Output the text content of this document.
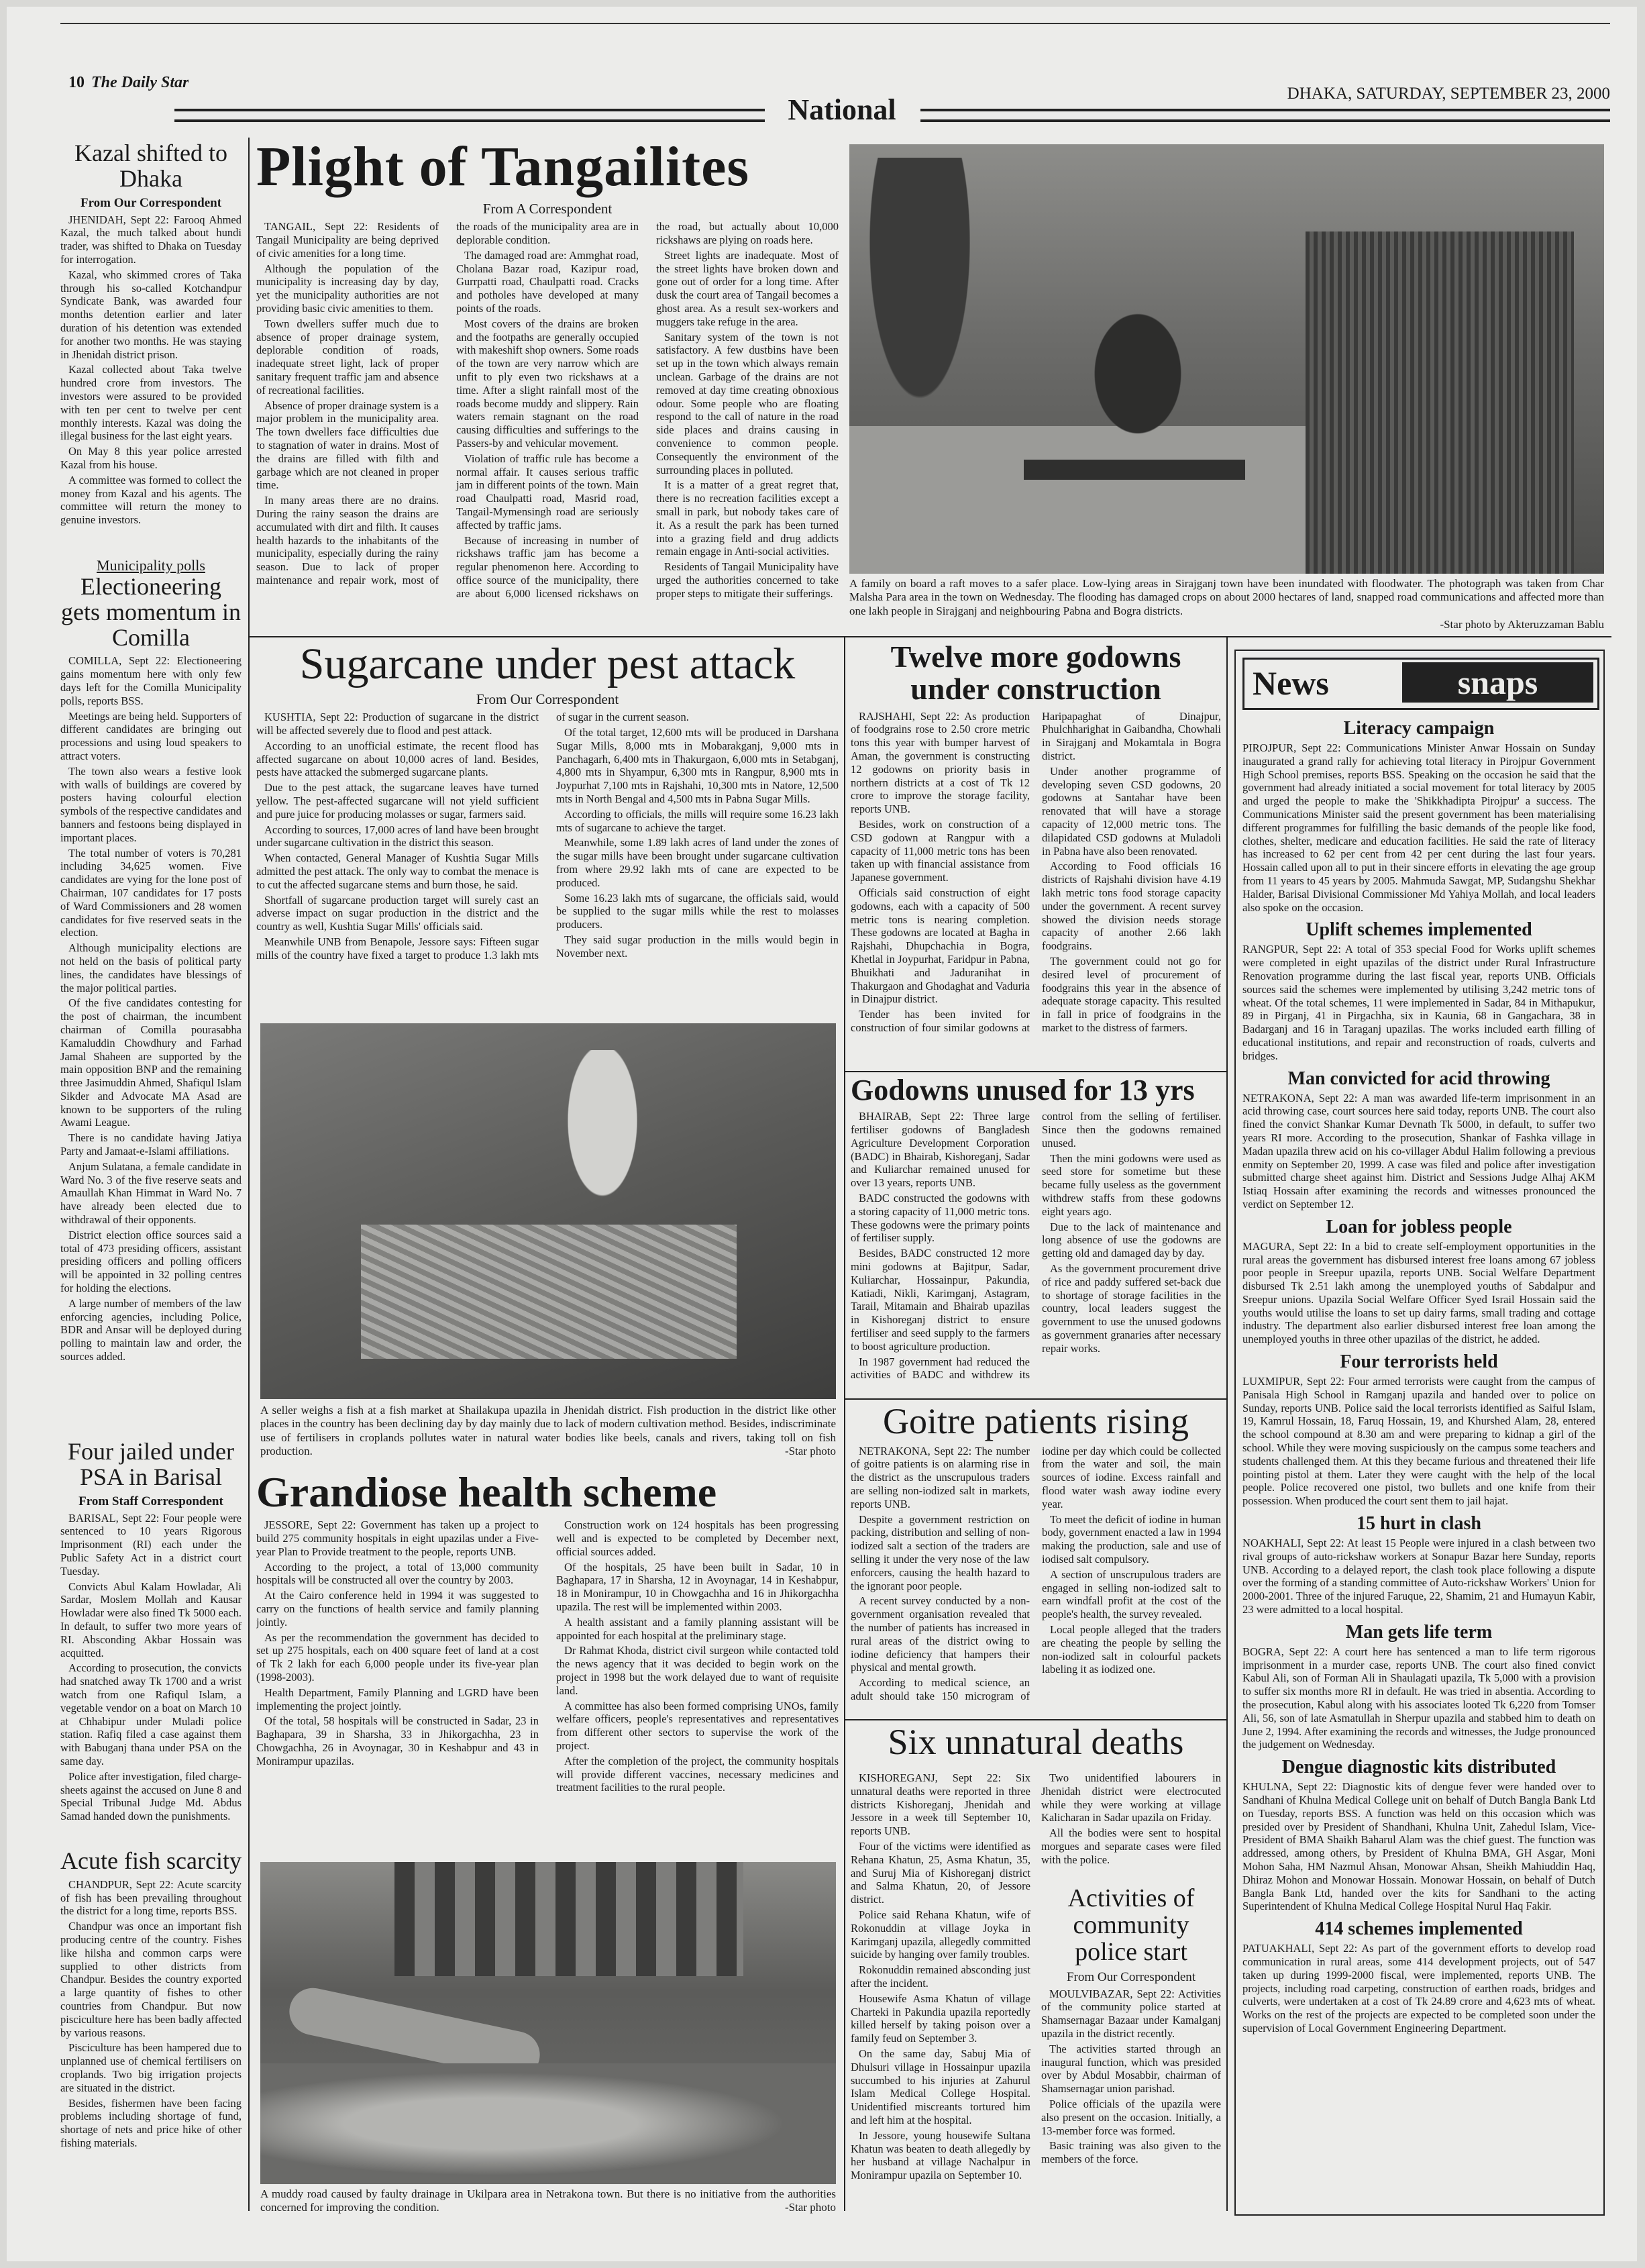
10 The Daily Star
National	DHAKA, SATURDAY, SEPTEMBER 23, 2000
Kazal shifted to Dhaka
From Our Correspondent

JHENIDAH, Sept 22: Farooq Ahmed Kazal, the much talked about hundi trader, was shifted to Dhaka on Tuesday for interrogation.

Kazal, who skimmed crores of Taka through his so-called Kotchandpur Syndicate Bank, was awarded four months detention earlier and later duration of his detention was extended for another two months. He was staying in Jhenidah district prison.

Kazal collected about Taka twelve hundred crore from investors. The investors were assured to be provided with ten per cent to twelve per cent monthly interests. Kazal was doing the illegal business for the last eight years.

On May 8 this year police arrested Kazal from his house.

A committee was formed to collect the money from Kazal and his agents. The committee will return the money to genuine investors.

Municipality polls
Electioneering gets momentum in Comilla

COMILLA, Sept 22: Electioneering gains momentum here with only few days left for the Comilla Municipality polls, reports BSS.

Meetings are being held. Supporters of different candidates are bringing out processions and using loud speakers to attract voters.

The town also wears a festive look with walls of buildings are covered by posters having colourful election symbols of the respective candidates and banners and festoons being displayed in important places.

The total number of voters is 70,281 including 34,625 women. Five candidates are vying for the lone post of Chairman, 107 candidates for 17 posts of Ward Commissioners and 28 women candidates for five reserved seats in the election.

Although municipality elections are not held on the basis of political party lines, the candidates have blessings of the major political parties.

Of the five candidates contesting for the post of chairman, the incumbent chairman of Comilla pourasabha Kamaluddin Chowdhury and Farhad Jamal Shaheen are supported by the main opposition BNP and the remaining three Jasimuddin Ahmed, Shafiqul Islam Sikder and Advocate MA Asad are known to be supporters of the ruling Awami League.

There is no candidate having Jatiya Party and Jamaat-e-Islami affiliations.

Anjum Sulatana, a female candidate in Ward No. 3 of the five reserve seats and Amaullah Khan Himmat in Ward No. 7 have already been elected due to withdrawal of their opponents.

District election office sources said a total of 473 presiding officers, assistant presiding officers and polling officers will be appointed in 32 polling centres for holding the elections.

A large number of members of the law enforcing agencies, including Police, BDR and Ansar will be deployed during polling to maintain law and order, the sources added.

Four jailed under PSA in Barisal
From Staff Correspondent

BARISAL, Sept 22: Four people were sentenced to 10 years Rigorous Imprisonment (RI) each under the Public Safety Act in a district court Tuesday.

Convicts Abul Kalam Howladar, Ali Sardar, Moslem Mollah and Kausar Howladar were also fined Tk 5000 each. In default, to suffer two more years of RI. Absconding Akbar Hossain was acquitted.

According to prosecution, the convicts had snatched away Tk 1700 and a wrist watch from one Rafiqul Islam, a vegetable vendor on a boat on March 10 at Chhabipur under Muladi police station. Rafiq filed a case against them with Babuganj thana under PSA on the same day.

Police after investigation, filed charge-sheets against the accused on June 8 and Special Tribunal Judge Md. Abdus Samad handed down the punishments.

Acute fish scarcity

CHANDPUR, Sept 22: Acute scarcity of fish has been prevailing throughout the district for a long time, reports BSS.

Chandpur was once an important fish producing centre of the country. Fishes like hilsha and common carps were supplied to other districts from Chandpur. Besides the country exported a large quantity of fishes to other countries from Chandpur. But now pisciculture here has been badly affected by various reasons.

Pisciculture has been hampered due to unplanned use of chemical fertilisers on croplands. Two big irrigation projects are situated in the district.

Besides, fishermen have been facing problems including shortage of fund, shortage of nets and price hike of other fishing materials.

Plight of Tangailites
From A Correspondent

TANGAIL, Sept 22: Residents of Tangail Municipality are being deprived of civic amenities for a long time.

Although the population of the municipality is increasing day by day, yet the municipality authorities are not providing basic civic amenities to them.

Town dwellers suffer much due to absence of proper drainage system, deplorable condition of roads, inadequate street light, lack of proper sanitary frequent traffic jam and absence of recreational facilities.

Absence of proper drainage system is a major problem in the municipality area. The town dwellers face difficulties due to stagnation of water in drains. Most of the drains are filled with filth and garbage which are not cleaned in proper time.

In many areas there are no drains. During the rainy season the drains are accumulated with dirt and filth. It causes health hazards to the inhabitants of the municipality, especially during the rainy season. Due to lack of proper maintenance and repair work, most of the roads of the municipality area are in deplorable condition.

The damaged road are: Ammghat road, Cholana Bazar road, Kazipur road, Gurrpatti road, Chaulpatti road. Cracks and potholes have developed at many points of the roads.

Most covers of the drains are broken and the footpaths are generally occupied with makeshift shop owners. Some roads of the town are very narrow which are unfit to ply even two rickshaws at a time. After a slight rainfall most of the roads become muddy and slippery. Rain waters remain stagnant on the road causing difficulties and sufferings to the Passers-by and vehicular movement.

Violation of traffic rule has become a normal affair. It causes serious traffic jam in different points of the town. Main road Chaulpatti road, Masrid road, Tangail-Mymensingh road are seriously affected by traffic jams.

Because of increasing in number of rickshaws traffic jam has become a regular phenomenon here. According to office source of the municipality, there are about 6,000 licensed rickshaws on the road, but actually about 10,000 rickshaws are plying on roads here.

Street lights are inadequate. Most of the street lights have broken down and gone out of order for a long time. After dusk the court area of Tangail becomes a ghost area. As a result sex-workers and muggers take refuge in the area.

Sanitary system of the town is not satisfactory. A few dustbins have been set up in the town which always remain unclean. Garbage of the drains are not removed at day time creating obnoxious odour. Some people who are floating respond to the call of nature in the road side places and drains causing in convenience to common people. Consequently the environment of the surrounding places in polluted.

It is a matter of a great regret that, there is no recreation facilities except a small in park, but nobody takes care of it. As a result the park has been turned into a grazing field and drug addicts remain engage in Anti-social activities.

Residents of Tangail Municipality have urged the authorities concerned to take proper steps to mitigate their sufferings.

A family on board a raft moves to a safer place. Low-lying areas in Sirajganj town have been inundated with floodwater. The photograph was taken from Char Malsha Para area in the town on Wednesday. The flooding has damaged crops on about 2000 hectares of land, snapped road communications and affected more than one lakh people in Sirajganj and neighbouring Pabna and Bogra districts.
-Star photo by Akteruzzaman Bablu
Sugarcane under pest attack
From Our Correspondent

KUSHTIA, Sept 22: Production of sugarcane in the district will be affected severely due to flood and pest attack.

According to an unofficial estimate, the recent flood has affected sugarcane on about 10,000 acres of land. Besides, pests have attacked the submerged sugarcane plants.

Due to the pest attack, the sugarcane leaves have turned yellow. The pest-affected sugarcane will not yield sufficient and pure juice for producing molasses or sugar, farmers said.

According to sources, 17,000 acres of land have been brought under sugarcane cultivation in the district this season.

When contacted, General Manager of Kushtia Sugar Mills admitted the pest attack. The only way to combat the menace is to cut the affected sugarcane stems and burn those, he said.

Shortfall of sugarcane production target will surely cast an adverse impact on sugar production in the district and the country as well, Kushtia Sugar Mills' officials said.

Meanwhile UNB from Benapole, Jessore says: Fifteen sugar mills of the country have fixed a target to produce 1.3 lakh mts of sugar in the current season.

Of the total target, 12,600 mts will be produced in Darshana Sugar Mills, 8,000 mts in Mobarakganj, 9,000 mts in Panchagarh, 6,400 mts in Thakurgaon, 6,000 mts in Setabganj, 4,800 mts in Shyampur, 6,300 mts in Rangpur, 8,900 mts in Joypurhat 7,100 mts in Rajshahi, 10,300 mts in Natore, 12,500 mts in North Bengal and 4,500 mts in Pabna Sugar Mills.

According to officials, the mills will require some 16.23 lakh mts of sugarcane to achieve the target.

Meanwhile, some 1.89 lakh acres of land under the zones of the sugar mills have been brought under sugarcane cultivation from where 29.92 lakh mts of cane are expected to be produced.

Some 16.23 lakh mts of sugarcane, the officials said, would be supplied to the sugar mills while the rest to molasses producers.

They said sugar production in the mills would begin in November next.

A seller weighs a fish at a fish market at Shailakupa upazila in Jhenidah district. Fish production in the district like other places in the country has been declining day by day mainly due to lack of modern cultivation method. Besides, indiscriminate use of fertilisers in croplands pollutes water in natural water bodies like beels, canals and rivers, taking toll on fish production.	-Star photo
Grandiose health scheme

JESSORE, Sept 22: Government has taken up a project to build 275 community hospitals in eight upazilas under a Five-year Plan to Provide treatment to the people, reports UNB.

According to the project, a total of 13,000 community hospitals will be constructed all over the country by 2003.

At the Cairo conference held in 1994 it was suggested to carry on the functions of health service and family planning jointly.

As per the recommendation the government has decided to set up 275 hospitals, each on 400 square feet of land at a cost of Tk 2 lakh for each 6,000 people under its five-year plan (1998-2003).

Health Department, Family Planning and LGRD have been implementing the project jointly.

Of the total, 58 hospitals will be constructed in Sadar, 23 in Baghapara, 39 in Sharsha, 33 in Jhikorgachha, 23 in Chowgachha, 26 in Avoynagar, 30 in Keshabpur and 43 in Monirampur upazilas.

Construction work on 124 hospitals has been progressing well and is expected to be completed by December next, official sources added.

Of the hospitals, 25 have been built in Sadar, 10 in Baghapara, 17 in Sharsha, 12 in Avoynagar, 14 in Keshabpur, 18 in Monirampur, 10 in Chowgachha and 16 in Jhikorgachha upazila. The rest will be implemented within 2003.

A health assistant and a family planning assistant will be appointed for each hospital at the preliminary stage.

Dr Rahmat Khoda, district civil surgeon while contacted told the news agency that it was decided to begin work on the project in 1998 but the work delayed due to want of requisite land.

A committee has also been formed comprising UNOs, family welfare officers, people's representatives and representatives from different other sectors to supervise the work of the project.

After the completion of the project, the community hospitals will provide different vaccines, necessary medicines and treatment facilities to the rural people.

A muddy road caused by faulty drainage in Ukilpara area in Netrakona town. But there is no initiative from the authorities concerned for improving the condition.	-Star photo
Twelve more godowns under construction

RAJSHAHI, Sept 22: As production of foodgrains rose to 2.50 crore metric tons this year with bumper harvest of Aman, the government is constructing 12 godowns on priority basis in northern districts at a cost of Tk 12 crore to improve the storage facility, reports UNB.

Besides, work on construction of a CSD godown at Rangpur with a capacity of 11,000 metric tons has been taken up with financial assistance from Japanese government.

Officials said construction of eight godowns, each with a capacity of 500 metric tons is nearing completion. These godowns are located at Bagha in Rajshahi, Dhupchachia in Bogra, Khetlal in Joypurhat, Faridpur in Pabna, Bhuikhati and Jaduranihat in Thakurgaon and Ghodaghat and Vaduria in Dinajpur district.

Tender has been invited for construction of four similar godowns at Haripараghat of Dinajpur, Phulchharighat in Gaibandha, Chowhali in Sirajganj and Mokamtala in Bogra district.

Under another programme of developing seven CSD godowns, 20 godowns at Santahar have been renovated that will have a storage capacity of 12,000 metric tons. The dilapidated CSD godowns at Muladoli in Pabna have also been renovated.

According to Food officials 16 districts of Rajshahi division have 4.19 lakh metric tons food storage capacity under the government. A recent survey showed the division needs storage capacity of another 2.66 lakh foodgrains.

The government could not go for desired level of procurement of foodgrains this year in the absence of adequate storage capacity. This resulted in fall in price of foodgrains in the market to the distress of farmers.

Godowns unused for 13 yrs

BHAIRAB, Sept 22: Three large fertiliser godowns of Bangladesh Agriculture Development Corporation (BADC) in Bhairab, Kishoreganj, Sadar and Kuliarchar remained unused for over 13 years, reports UNB.

BADC constructed the godowns with a storing capacity of 11,000 metric tons. These godowns were the primary points of fertiliser supply.

Besides, BADC constructed 12 more mini godowns at Bajitpur, Sadar, Kuliarchar, Hossainpur, Pakundia, Katiadi, Nikli, Karimganj, Astagram, Tarail, Mitamain and Bhairab upazilas in Kishoreganj district to ensure fertiliser and seed supply to the farmers to boost agriculture production.

In 1987 government had reduced the activities of BADC and withdrew its control from the selling of fertiliser. Since then the godowns remained unused.

Then the mini godowns were used as seed store for sometime but these became fully useless as the government withdrew staffs from these godowns eight years ago.

Due to the lack of maintenance and long absence of use the godowns are getting old and damaged day by day.

As the government procurement drive of rice and paddy suffered set-back due to shortage of storage facilities in the country, local leaders suggest the government to use the unused godowns as government granaries after necessary repair works.

Goitre patients rising

NETRAKONA, Sept 22: The number of goitre patients is on alarming rise in the district as the unscrupulous traders are selling non-iodized salt in markets, reports UNB.

Despite a government restriction on packing, distribution and selling of non-iodized salt a section of the traders are selling it under the very nose of the law enforcers, causing the health hazard to the ignorant poor people.

A recent survey conducted by a non-government organisation revealed that the number of patients has increased in rural areas of the district owing to iodine deficiency that hampers their physical and mental growth.

According to medical science, an adult should take 150 microgram of iodine per day which could be collected from the water and soil, the main sources of iodine. Excess rainfall and flood water wash away iodine every year.

To meet the deficit of iodine in human body, government enacted a law in 1994 making the production, sale and use of iodised salt compulsory.

A section of unscrupulous traders are engaged in selling non-iodized salt to earn windfall profit at the cost of the people's health, the survey revealed.

Local people alleged that the traders are cheating the people by selling the non-iodized salt in colourful packets labeling it as iodized one.

Six unnatural deaths

KISHOREGANJ, Sept 22: Six unnatural deaths were reported in three districts Kishoreganj, Jhenidah and Jessore in a week till September 10, reports UNB.

Four of the victims were identified as Rehana Khatun, 25, Asma Khatun, 35, and Suruj Mia of Kishoreganj district and Salma Khatun, 20, of Jessore district.

Police said Rehana Khatun, wife of Rokonuddin at village Joyka in Karimganj upazila, allegedly committed suicide by hanging over family troubles.

Rokonuddin remained absconding just after the incident.

Housewife Asma Khatun of village Charteki in Pakundia upazila reportedly killed herself by taking poison over a family feud on September 3.

On the same day, Sabuj Mia of Dhulsuri village in Hossainpur upazila succumbed to his injuries at Zahurul Islam Medical College Hospital. Unidentified miscreants tortured him and left him at the hospital.

In Jessore, young housewife Sultana Khatun was beaten to death allegedly by her husband at village Nachalpur in Monirampur upazila on September 10.

Two unidentified labourers in Jhenidah district were electrocuted while they were working at village Kalicharan in Sadar upazila on Friday.

All the bodies were sent to hospital morgues and separate cases were filed with the police.

Activities of community police start
From Our Correspondent

MOULVIBAZAR, Sept 22: Activities of the community police started at Shamsernagar Bazaar under Kamalganj upazila in the district recently.

The activities started through an inaugural function, which was presided over by Abdul Mosabbir, chairman of Shamsernagar union parishad.

Police officials of the upazila were also present on the occasion. Initially, a 13-member force was formed.

Basic training was also given to the members of the force.

News	snaps
Literacy campaign
PIROJPUR, Sept 22: Communications Minister Anwar Hossain on Sunday inaugurated a grand rally for achieving total literacy in Pirojpur Government High School premises, reports BSS. Speaking on the occasion he said that the government had already initiated a social movement for total literacy by 2005 and urged the people to make the 'Shikkhadipta Pirojpur' a success. The Communications Minister said the present government has been materialising different programmes for fulfilling the basic demands of the people like food, clothes, shelter, medicare and education facilities. He said the rate of literacy has increased to 62 per cent from 42 per cent during the last four years. Hossain called upon all to put in their sincere efforts in elevating the age group from 11 years to 45 years by 2005. Mahmuda Sawgat, MP, Sudangshu Shekhar Halder, Barisal Divisional Commissioner Md Yahiya Mollah, and local leaders also spoke on the occasion.
Uplift schemes implemented
RANGPUR, Sept 22: A total of 353 special Food for Works uplift schemes were completed in eight upazilas of the district under Rural Infrastructure Renovation programme during the last fiscal year, reports UNB. Officials sources said the schemes were implemented by utilising 3,242 metric tons of wheat. Of the total schemes, 11 were implemented in Sadar, 84 in Mithapukur, 89 in Pirganj, 41 in Pirgachha, six in Kaunia, 68 in Gangachara, 38 in Badarganj and 16 in Taraganj upazilas. The works included earth filling of educational institutions, and repair and reconstruction of roads, culverts and bridges.
Man convicted for acid throwing
NETRAKONA, Sept 22: A man was awarded life-term imprisonment in an acid throwing case, court sources here said today, reports UNB. The court also fined the convict Shankar Kumar Devnath Tk 5000, in default, to suffer two years RI more. According to the prosecution, Shankar of Fashka village in Madan upazila threw acid on his co-villager Abdul Halim following a previous enmity on September 20, 1999. A case was filed and police after investigation submitted charge sheet against him. District and Sessions Judge Alhaj AKM Istiaq Hossain after examining the records and witnesses pronounced the verdict on September 12.
Loan for jobless people
MAGURA, Sept 22: In a bid to create self-employment opportunities in the rural areas the government has disbursed interest free loans among 67 jobless poor people in Sreepur upazila, reports UNB. Social Welfare Department disbursed Tk 2.51 lakh among the unemployed youths of Sabdalpur and Sreepur unions. Upazila Social Welfare Officer Syed Israil Hossain said the youths would utilise the loans to set up dairy farms, small trading and cottage industry. The department also earlier disbursed interest free loan among the unemployed youths in three other upazilas of the district, he added.
Four terrorists held
LUXMIPUR, Sept 22: Four armed terrorists were caught from the campus of Panisala High School in Ramganj upazila and handed over to police on Sunday, reports UNB. Police said the local terrorists identified as Saiful Islam, 19, Kamrul Hossain, 18, Faruq Hossain, 19, and Khurshed Alam, 28, entered the school compound at 8.30 am and were preparing to kidnap a girl of the school. While they were moving suspiciously on the campus some teachers and students challenged them. At this they became furious and threatened their life pointing pistol at them. Later they were caught with the help of the local people. Police recovered one pistol, two bullets and one knife from their possession. When produced the court sent them to jail hajat.
15 hurt in clash
NOAKHALI, Sept 22: At least 15 People were injured in a clash between two rival groups of auto-rickshaw workers at Sonapur Bazar here Sunday, reports UNB. According to a delayed report, the clash took place following a dispute over the forming of a standing committee of Auto-rickshaw Workers' Union for 2000-2001. Three of the injured Faruque, 22, Shamim, 21 and Humayun Kabir, 23 were admitted to a local hospital.
Man gets life term
BOGRA, Sept 22: A court here has sentenced a man to life term rigorous imprisonment in a murder case, reports UNB. The court also fined convict Kabul Ali, son of Forman Ali in Shaulagati upazila, Tk 5,000 with a provision to suffer six months more RI in default. He was tried in absentia. According to the prosecution, Kabul along with his associates looted Tk 6,220 from Tomser Ali, 56, son of late Asmatullah in Sherpur upazila and stabbed him to death on June 2, 1994. After examining the records and witnesses, the Judge pronounced the judgement on Wednesday.
Dengue diagnostic kits distributed
KHULNA, Sept 22: Diagnostic kits of dengue fever were handed over to Sandhani of Khulna Medical College unit on behalf of Dutch Bangla Bank Ltd on Tuesday, reports BSS. A function was held on this occasion which was presided over by President of Shandhani, Khulna Unit, Zahedul Islam, Vice-President of BMA Shaikh Baharul Alam was the chief guest. The function was addressed, among others, by President of Khulna BMA, GH Asgar, Moni Mohon Saha, HM Nazmul Ahsan, Monowar Ahsan, Sheikh Mahiuddin Haq, Dhiraz Mohon and Monowar Hossain. Monowar Hossain, on behalf of Dutch Bangla Bank Ltd, handed over the kits for Sandhani to the acting Superintendent of Khulna Medical College Hospital Nurul Haq Fakir.
414 schemes implemented
PATUAKHALI, Sept 22: As part of the government efforts to develop road communication in rural areas, some 414 development projects, out of 547 taken up during 1999-2000 fiscal, were implemented, reports UNB. The projects, including road carpeting, construction of earthen roads, bridges and culverts, were undertaken at a cost of Tk 24.89 crore and 4,623 mts of wheat. Works on the rest of the projects are expected to be completed soon under the supervision of Local Government Engineering Department.
